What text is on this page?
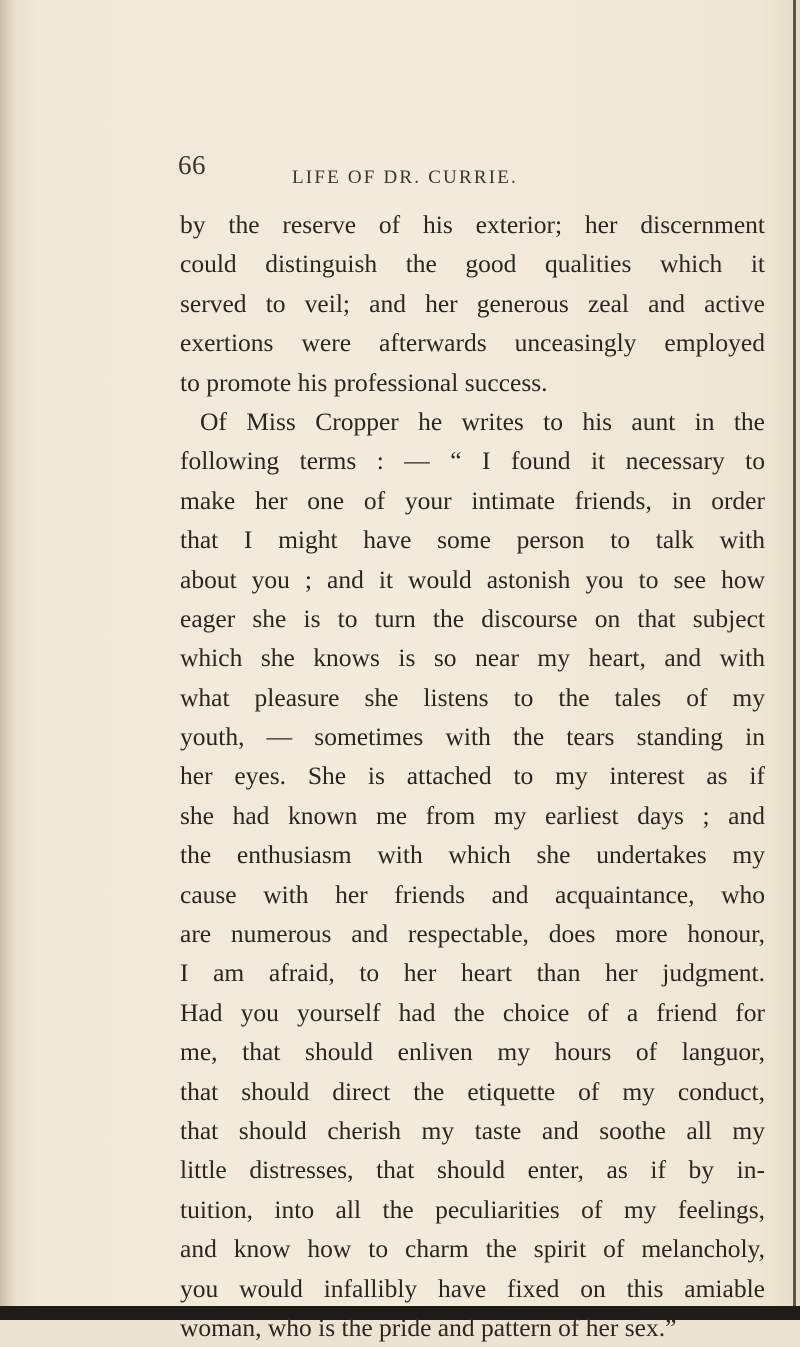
66	LIFE OF DR. CURRIE.
by the reserve of his exterior; her discernment
could distinguish the good qualities which it
served to veil; and her generous zeal and active
exertions were afterwards unceasingly employed
to promote his professional success.
Of Miss Cropper he writes to his aunt in the
following terms : — “ I found it necessary to
make her one of your intimate friends, in order
that I might have some person to talk with
about you ; and it would astonish you to see how
eager she is to turn the discourse on that subject
which she knows is so near my heart, and with
what pleasure she listens to the tales of my
youth, — sometimes with the tears standing in
her eyes. She is attached to my interest as if
she had known me from my earliest days ; and
the enthusiasm with which she undertakes my
cause with her friends and acquaintance, who
are numerous and respectable, does more honour,
I am afraid, to her heart than her judgment.
Had you yourself had the choice of a friend for
me, that should enliven my hours of languor,
that should direct the etiquette of my conduct,
that should cherish my taste and soothe all my
little distresses, that should enter, as if by in-
tuition, into all the peculiarities of my feelings,
and know how to charm the spirit of melancholy,
you would infallibly have fixed on this amiable
woman, who is the pride and pattern of her sex.”
